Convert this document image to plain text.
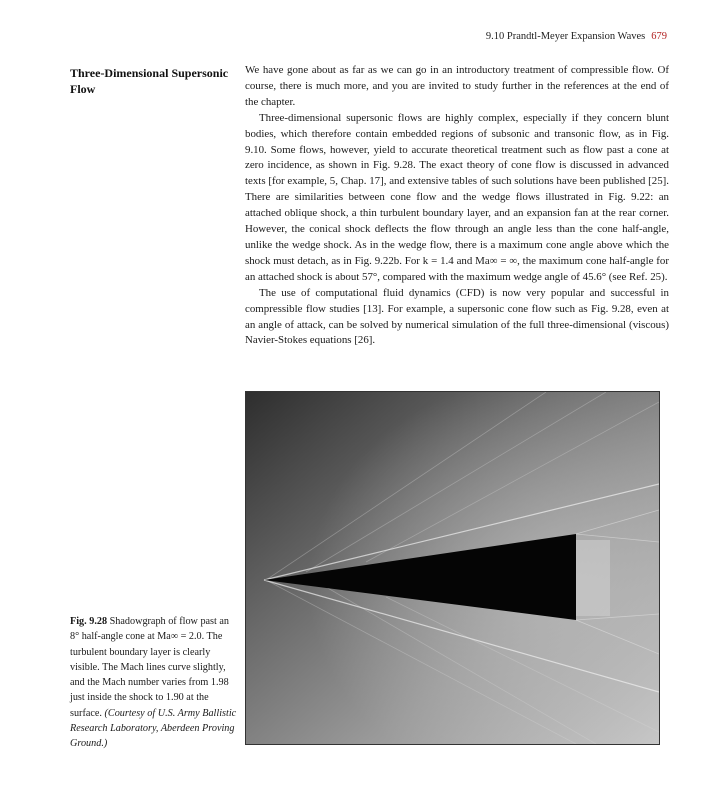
9.10 Prandtl-Meyer Expansion Waves 679
Three-Dimensional Supersonic Flow

We have gone about as far as we can go in an introductory treatment of compressible flow. Of course, there is much more, and you are invited to study further in the references at the end of the chapter.

Three-dimensional supersonic flows are highly complex, especially if they concern blunt bodies, which therefore contain embedded regions of subsonic and transonic flow, as in Fig. 9.10. Some flows, however, yield to accurate theoretical treatment such as flow past a cone at zero incidence, as shown in Fig. 9.28. The exact theory of cone flow is discussed in advanced texts [for example, 5, Chap. 17], and extensive tables of such solutions have been published [25]. There are similarities between cone flow and the wedge flows illustrated in Fig. 9.22: an attached oblique shock, a thin turbulent boundary layer, and an expansion fan at the rear corner. However, the conical shock deflects the flow through an angle less than the cone half-angle, unlike the wedge shock. As in the wedge flow, there is a maximum cone angle above which the shock must detach, as in Fig. 9.22b. For k = 1.4 and Ma∞ = ∞, the maximum cone half-angle for an attached shock is about 57°, compared with the maximum wedge angle of 45.6° (see Ref. 25).

The use of computational fluid dynamics (CFD) is now very popular and successful in compressible flow studies [13]. For example, a supersonic cone flow such as Fig. 9.28, even at an angle of attack, can be solved by numerical simulation of the full three-dimensional (viscous) Navier-Stokes equations [26].

Fig. 9.28 Shadowgraph of flow past an 8° half-angle cone at Ma∞ = 2.0. The turbulent boundary layer is clearly visible. The Mach lines curve slightly, and the Mach number varies from 1.98 just inside the shock to 1.90 at the surface. (Courtesy of U.S. Army Ballistic Research Laboratory, Aberdeen Proving Ground.)
